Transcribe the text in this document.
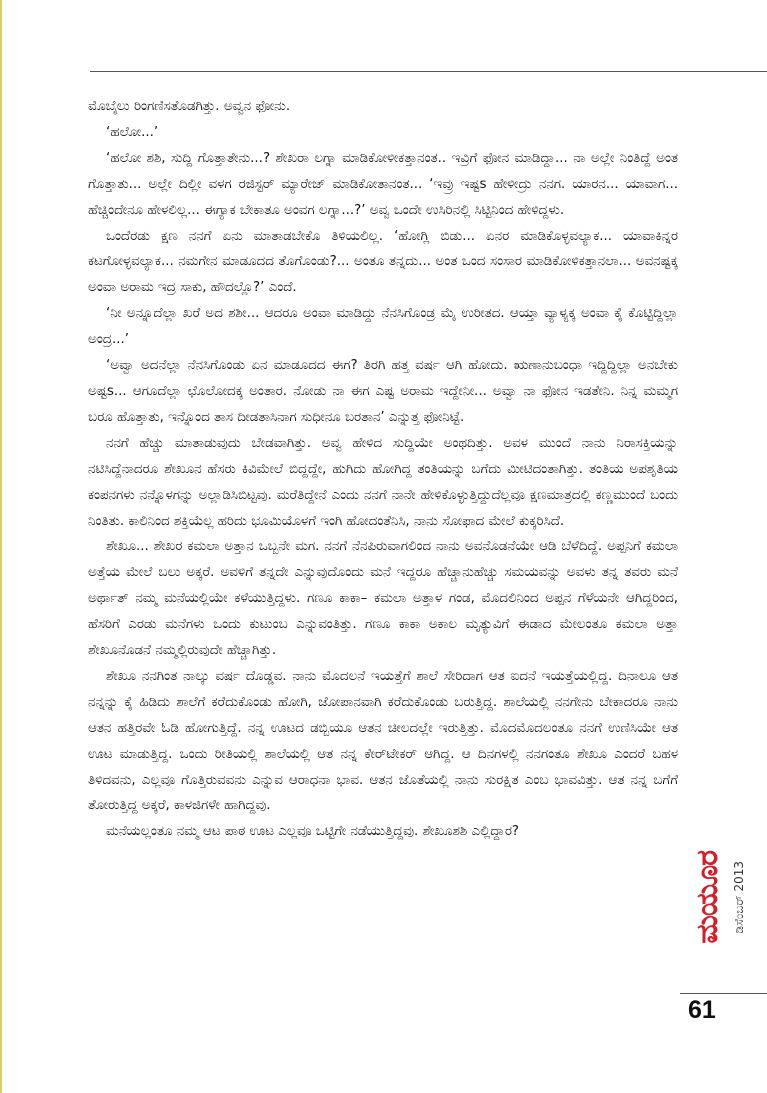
ಮೊಬೈಲು ರಿಂಗಣಿಸತೊಡಗಿತ್ತು. ಅವ್ವನ ಫೋನು.

‘ಹಲೋ...’

‘ಹಲೋ ಶಶಿ, ಸುದ್ದಿ ಗೊತ್ತಾತೇನು...? ಶೇಖರಾ ಲಗ್ನಾ ಮಾಡಿಕೋಳೀಕತ್ತಾನಂತ.. ಇವ್ರಿಗೆ ಫೋನ ಮಾಡಿದ್ದಾ... ನಾ ಅಲ್ಲೇ ನಿಂತಿದ್ದೆ ಅಂತ ಗೊತ್ತಾತು... ಅಲ್ಲೇ ದಿಲ್ಲೀ ವಳಗ ರಜಿಸ್ಟರ್ ಮ್ಯಾರೇಜ್ ಮಾಡಿಕೋತಾನಂತ... ‘ಇವ್ರು ಇಷ್ಟs ಹೇಳೀದ್ರು ನನಗ. ಯಾರನ... ಯಾವಾಗ... ಹೆಚ್ಚಿಂದೇನೂ ಹೇಳಲಿಲ್ಲ... ಈಗ್ಯಾಕ ಬೇಕಾತೂ ಅಂವಗ ಲಗ್ನಾ...?’ ಅವ್ವ ಒಂದೇ ಉಸಿರಿನಲ್ಲಿ ಸಿಟ್ಟಿನಿಂದ ಹೇಳಿದ್ದಳು.

ಒಂದೆರಡು ಕ್ಷಣ ನನಗೆ ಏನು ಮಾತಾಡಬೇಕೊ ತಿಳಿಯಲಿಲ್ಲ. ‘ಹೋಗ್ಲಿ ಬಿಡು... ಏನರ ಮಾಡಿಕೊಳ್ಳವಲ್ಯಾಕ... ಯಾವಾಕಿನ್ನರ ಕಟಗೋಳ್ಳವಲ್ಯಾಕ... ನಮಗೇನ ಮಾಡೂದದ ತೊಗೊಂಡು?... ಅಂತೂ ತನ್ನದು... ಅಂತ ಒಂದ ಸಂಸಾರ ಮಾಡಿಕೋಳಿಕತ್ತಾನಲಾ... ಅವನಷ್ಟಕ್ಕ ಅಂವಾ ಅರಾಮ ಇದ್ರ ಸಾಕು, ಹೌದಲ್ಲೊ?’ ಎಂದೆ.

‘ನೀ ಅನ್ನೂದೆಲ್ಲಾ ಖರೆ ಅದ ಶಶೀ... ಆದರೂ ಅಂವಾ ಮಾಡಿದ್ದು ನೆನಸಿಗೊಂಡ್ರ ಮೈ ಉರೀತದ. ಆಯ್ತಾ ವ್ಯಾಳ್ಯಕ್ಕ ಅಂವಾ ಕೈ ಕೊಟ್ಟಿದ್ದಿಲ್ಲಾ ಅಂದ್ರ...’

‘ಅವ್ವಾ ಅದನೆಲ್ಲಾ ನೆನಸಿಗೊಂಡು ಏನ ಮಾಡೂದದ ಈಗ? ತಿರಗಿ ಹತ್ತ ವರ್ಷ ಆಗಿ ಹೋದು. ಋಣಾನುಬಂಧಾ ಇದ್ದಿದ್ದಿಲ್ಲಾ ಅನಬೇಕು ಅಷ್ಟs... ಆಗೂದೆಲ್ಲಾ ಛೊಲೋದಕ್ಕ ಅಂತಾರ. ನೋಡು ನಾ ಈಗ ಎಷ್ಟ ಅರಾಮ ಇದ್ದೇನೀ... ಅವ್ವಾ ನಾ ಫೋನ ಇಡತೇನಿ. ನಿನ್ನ ಮಮ್ಮಗ ಬರೂ ಹೊತ್ತಾತು, ಇನ್ನೊಂದ ತಾಸ ದೀಡತಾಸಿನಾಗ ಸುಧೀನೂ ಬರತಾನ’ ಎನ್ನುತ್ತ ಫೋನಿಟ್ಟೆ.

ನನಗೆ ಹೆಚ್ಚು ಮಾತಾಡುವುದು ಬೇಡವಾಗಿತ್ತು. ಅವ್ವ ಹೇಳಿದ ಸುದ್ದಿಯೇ ಅಂಥದಿತ್ತು. ಅವಳ ಮುಂದೆ ನಾನು ನಿರಾಸಕ್ತಿಯನ್ನು ನಟಿಸಿದ್ದೆನಾದರೂ ಶೇಖೂನ ಹೆಸರು ಕಿವಿಮೇಲೆ ಬಿದ್ದದ್ದೇ, ಹುಗಿದು ಹೋಗಿದ್ದ ತಂತಿಯನ್ನು ಬಗೆದು ಮೀಟಿದಂತಾಗಿತ್ತು. ತಂತಿಯ ಅಪಶೃತಿಯ ಕಂಪನಗಳು ನನ್ನೊಳಗನ್ನು ಅಲ್ಲಾಡಿಸಿಬಿಟ್ಟವು. ಮರೆತಿದ್ದೇನೆ ಎಂದು ನನಗೆ ನಾನೇ ಹೇಳಿಕೊಳ್ಳುತ್ತಿದ್ದುದೆಲ್ಲವೂ ಕ್ಷಣಮಾತ್ರದಲ್ಲಿ ಕಣ್ಣಮುಂದೆ ಬಂದು ನಿಂತಿತು. ಕಾಲಿನಿಂದ ಶಕ್ತಿಯೆಲ್ಲ ಹರಿದು ಭೂಮಿಯೊಳಗೆ ಇಂಗಿ ಹೋದಂತೆನಿಸಿ, ನಾನು ಸೋಫಾದ ಮೇಲೆ ಕುಕ್ಕರಿಸಿದೆ.

ಶೇಖೂ... ಶೇಖರ ಕಮಲಾ ಅತ್ತಾನ ಒಬ್ಬನೇ ಮಗ. ನನಗೆ ನೆನಪಿರುವಾಗಲಿಂದ ನಾನು ಅವನೊಡನೆಯೇ ಆಡಿ ಬೆಳೆದಿದ್ದೆ. ಅಪ್ಪನಿಗೆ ಕಮಲಾ ಅತ್ತೆಯ ಮೇಲೆ ಬಲು ಅಕ್ಕರೆ. ಅವಳಿಗೆ ತನ್ನದೇ ಎನ್ನುವುದೊಂದು ಮನೆ ಇದ್ದರೂ ಹೆಚ್ಚಾನುಹೆಚ್ಚು ಸಮಯವನ್ನು ಅವಳು ತನ್ನ ತವರು ಮನೆ ಅರ್ಥಾತ್ ನಮ್ಮ ಮನೆಯಲ್ಲಿಯೇ ಕಳೆಯುತ್ತಿದ್ದಳು. ಗಣೂ ಕಾಕಾ– ಕಮಲಾ ಅತ್ತಾಳ ಗಂಡ, ಮೊದಲಿನಿಂದ ಅಪ್ಪನ ಗೆಳೆಯನೇ ಆಗಿದ್ದರಿಂದ, ಹೆಸರಿಗೆ ಎರಡು ಮನೆಗಳು ಒಂದು ಕುಟುಂಬ ಎನ್ನುವಂತಿತ್ತು. ಗಣೂ ಕಾಕಾ ಅಕಾಲ ಮೃತ್ಯುವಿಗೆ ಈಡಾದ ಮೇಲಂತೂ ಕಮಲಾ ಅತ್ತಾ ಶೇಖೂನೊಡನೆ ನಮ್ಮಲ್ಲಿರುವುದೇ ಹೆಚ್ಚಾಗಿತ್ತು.

ಶೇಖೂ ನನಗಿಂತ ನಾಲ್ಕು ವರ್ಷ ದೊಡ್ಡವ. ನಾನು ಮೊದಲನೆ ಇಯತ್ತೆಗೆ ಶಾಲೆ ಸೇರಿದಾಗ ಆತ ಐದನೆ ಇಯತ್ತೆಯಲ್ಲಿದ್ದ. ದಿನಾಲೂ ಆತ ನನ್ನನ್ನು ಕೈ ಹಿಡಿದು ಶಾಲೆಗೆ ಕರೆದುಕೊಂಡು ಹೋಗಿ, ಜೋಪಾನವಾಗಿ ಕರೆದುಕೊಂಡು ಬರುತ್ತಿದ್ದ. ಶಾಲೆಯಲ್ಲಿ ನನಗೇನು ಬೇಕಾದರೂ ನಾನು ಆತನ ಹತ್ತಿರವೇ ಓಡಿ ಹೋಗುತ್ತಿದ್ದೆ. ನನ್ನ ಊಟದ ಡಬ್ಬಿಯೂ ಆತನ ಚೀಲದಲ್ಲೇ ಇರುತ್ತಿತ್ತು. ಮೊದಮೊದಲಂತೂ ನನಗೆ ಉಣಿಸಿಯೇ ಆತ ಊಟ ಮಾಡುತ್ತಿದ್ದ. ಒಂದು ರೀತಿಯಲ್ಲಿ ಶಾಲೆಯಲ್ಲಿ ಆತ ನನ್ನ ಕೇರ್‌ಟೇಕರ್ ಆಗಿದ್ದ. ಆ ದಿನಗಳಲ್ಲಿ ನನಗಂತೂ ಶೇಖೂ ಎಂದರೆ ಬಹಳ ತಿಳಿದವನು, ಎಲ್ಲವೂ ಗೊತ್ತಿರುವವನು ಎನ್ನುವ ಆರಾಧನಾ ಭಾವ. ಆತನ ಜೊತೆಯಲ್ಲಿ ನಾನು ಸುರಕ್ಷಿತ ಎಂಬ ಭಾವವಿತ್ತು. ಆತ ನನ್ನ ಬಗೆಗೆ ತೋರುತ್ತಿದ್ದ ಅಕ್ಕರೆ, ಕಾಳಜಿಗಳೇ ಹಾಗಿದ್ದವು.

ಮನೆಯಲ್ಲಂತೂ ನಮ್ಮ ಆಟ ಪಾಠ ಊಟ ಎಲ್ಲವೂ ಒಟ್ಟಿಗೇ ನಡೆಯುತ್ತಿದ್ದವು. ಶೇಖೂಶಶಿ ಎಲ್ಲಿದ್ದಾರ?

ಮಯೂರ ಡಿಸೆಂಬರ್ 2013
61
